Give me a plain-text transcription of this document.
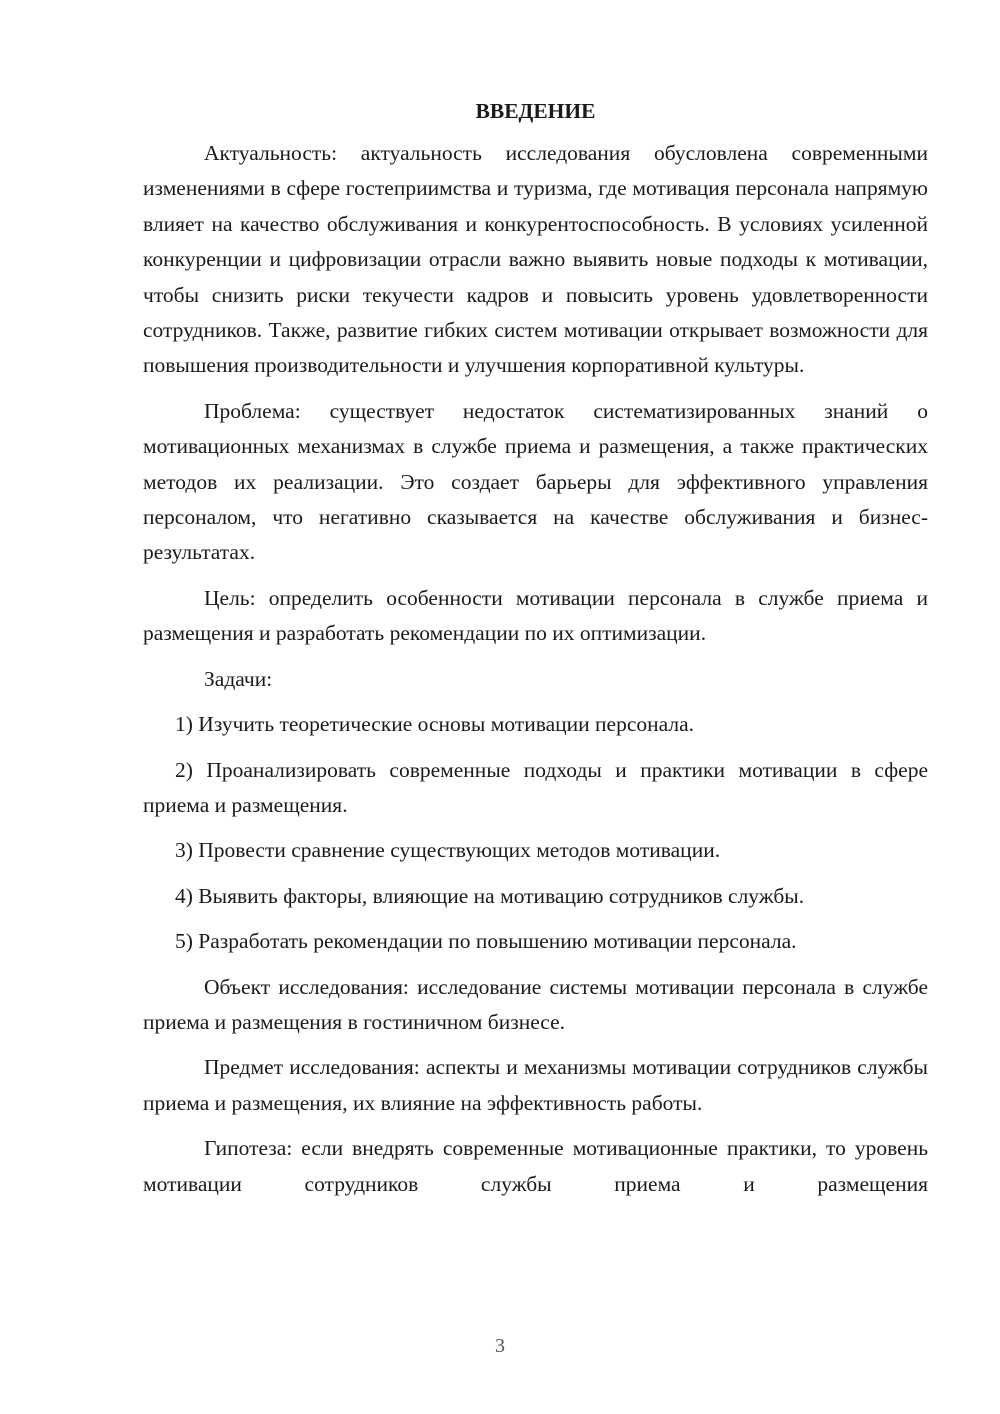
ВВЕДЕНИЕ
Актуальность: актуальность исследования обусловлена современными изменениями в сфере гостеприимства и туризма, где мотивация персонала напрямую влияет на качество обслуживания и конкурентоспособность. В условиях усиленной конкуренции и цифровизации отрасли важно выявить новые подходы к мотивации, чтобы снизить риски текучести кадров и повысить уровень удовлетворенности сотрудников. Также, развитие гибких систем мотивации открывает возможности для повышения производительности и улучшения корпоративной культуры.
Проблема: существует недостаток систематизированных знаний о мотивационных механизмах в службе приема и размещения, а также практических методов их реализации. Это создает барьеры для эффективного управления персоналом, что негативно сказывается на качестве обслуживания и бизнес-результатах.
Цель: определить особенности мотивации персонала в службе приема и размещения и разработать рекомендации по их оптимизации.
Задачи:
1) Изучить теоретические основы мотивации персонала.
2) Проанализировать современные подходы и практики мотивации в сфере приема и размещения.
3) Провести сравнение существующих методов мотивации.
4) Выявить факторы, влияющие на мотивацию сотрудников службы.
5) Разработать рекомендации по повышению мотивации персонала.
Объект исследования: исследование системы мотивации персонала в службе приема и размещения в гостиничном бизнесе.
Предмет исследования: аспекты и механизмы мотивации сотрудников службы приема и размещения, их влияние на эффективность работы.
Гипотеза: если внедрять современные мотивационные практики, то уровень мотивации сотрудников службы приема и размещения
3
